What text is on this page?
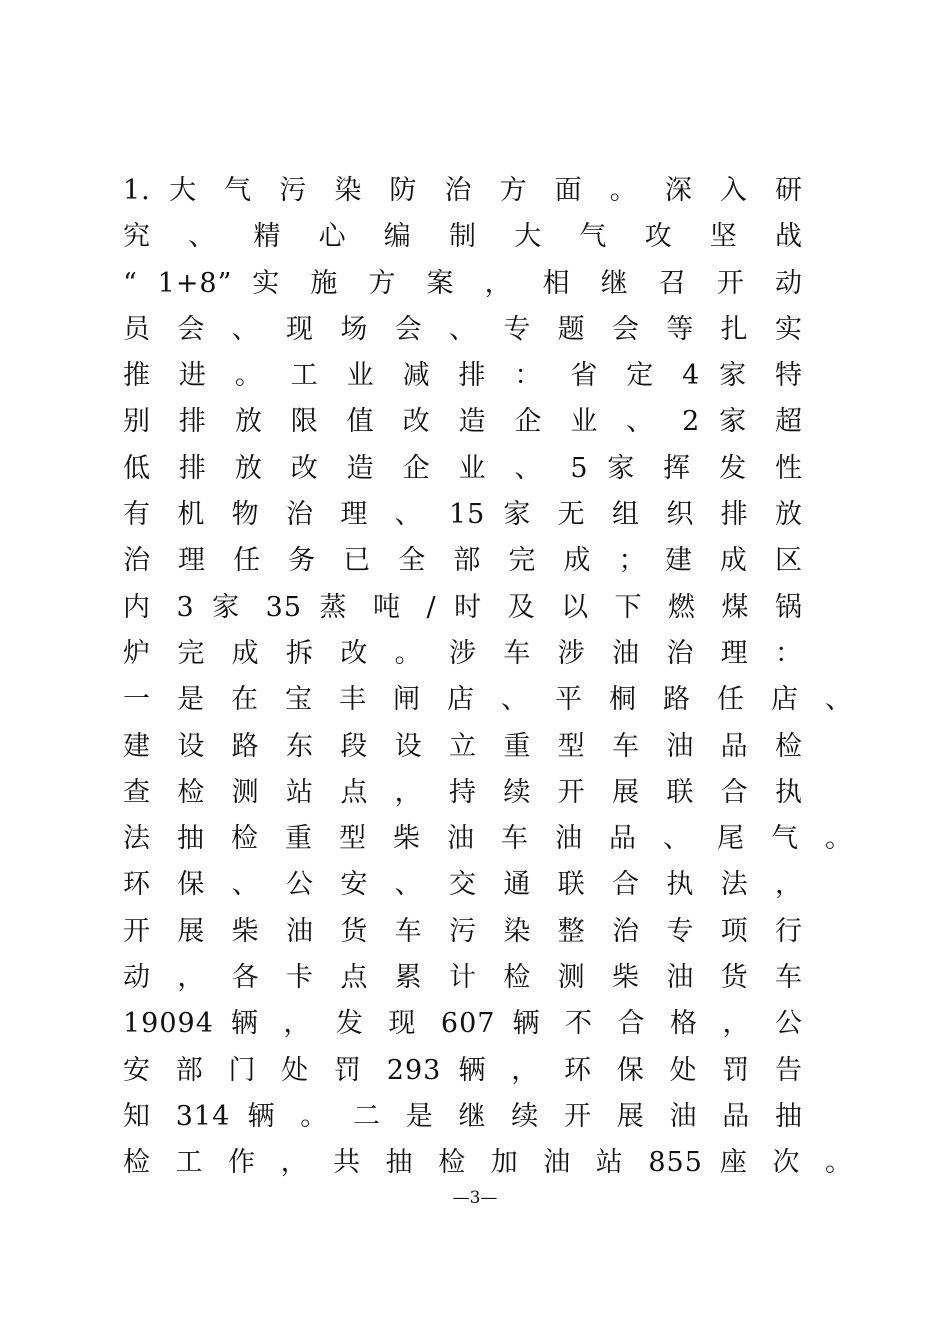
1. 大 气 污 染 防 治 方 面 。 深 入 研
究 、 精 心 编 制 大 气 攻 坚 战
“ 1+8” 实 施 方 案 ， 相 继 召 开 动
员 会 、 现 场 会 、 专 题 会 等 扎 实
推 进 。 工 业 减 排 ： 省 定 4 家 特
别 排 放 限 值 改 造 企 业 、 2 家 超
低 排 放 改 造 企 业 、 5 家 挥 发 性
有 机 物 治 理 、 15 家 无 组 织 排 放
治 理 任 务 已 全 部 完 成 ； 建 成 区
内 3 家 35 蒸 吨 / 时 及 以 下 燃 煤 锅
炉 完 成 拆 改 。 涉 车 涉 油 治 理 ：
一 是 在 宝 丰 闸 店 、 平 桐 路 任 店 、
建 设 路 东 段 设 立 重 型 车 油 品 检
查 检 测 站 点 ， 持 续 开 展 联 合 执
法 抽 检 重 型 柴 油 车 油 品 、 尾 气 。
环 保 、 公 安 、 交 通 联 合 执 法 ，
开 展 柴 油 货 车 污 染 整 治 专 项 行
动 ， 各 卡 点 累 计 检 测 柴 油 货 车
19094 辆 ， 发 现 607 辆 不 合 格 ， 公
安 部 门 处 罚 293 辆 ， 环 保 处 罚 告
知 314 辆 。 二 是 继 续 开 展 油 品 抽
检 工 作 ， 共 抽 检 加 油 站 855 座 次 。
—3—
